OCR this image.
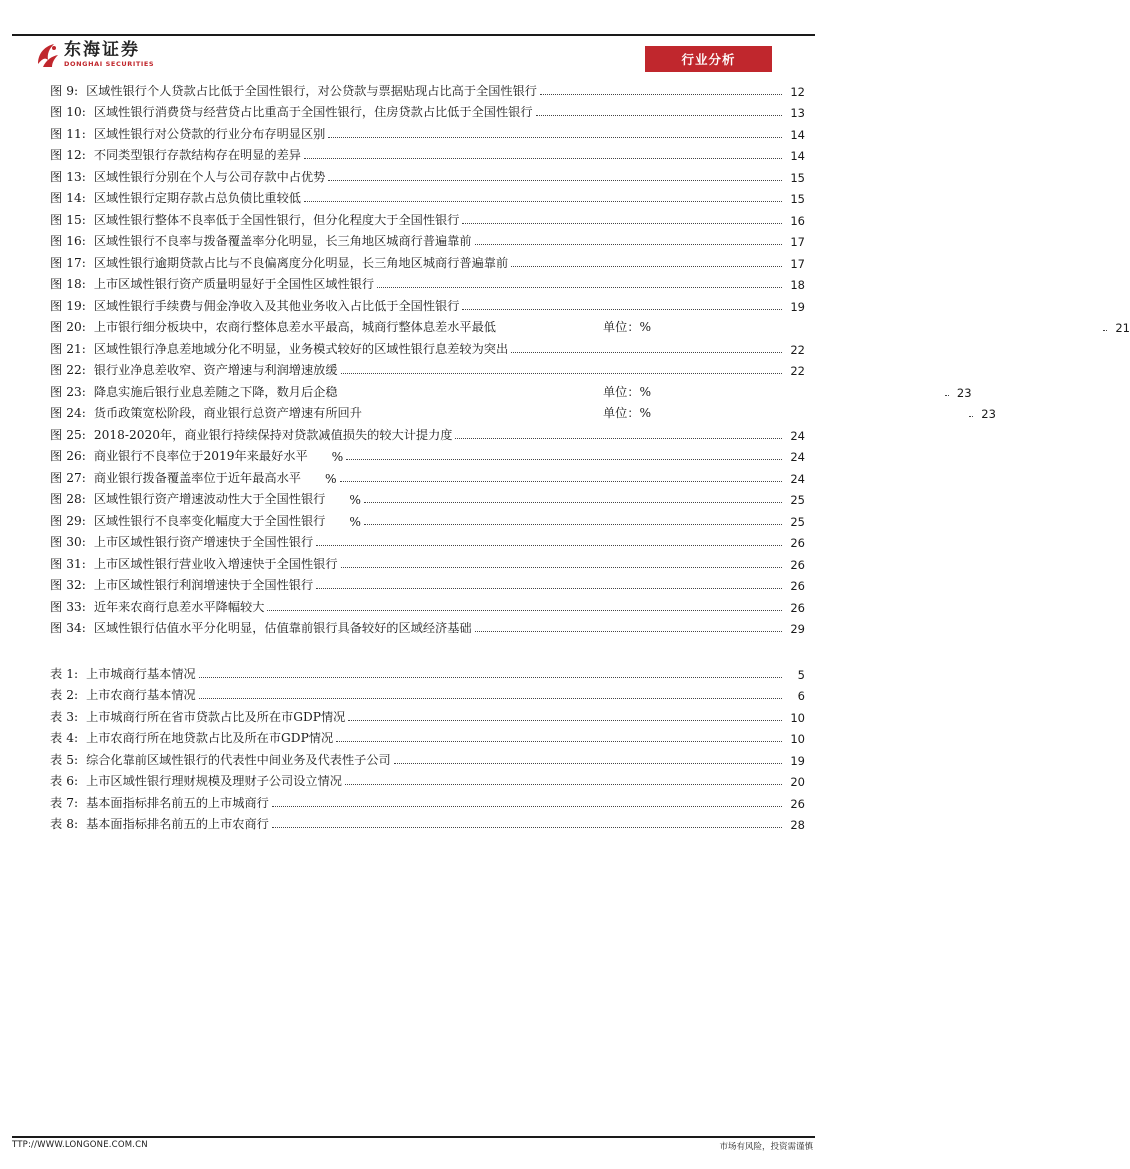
东海证券
DONGHAI SECURITIES	行业分析
图 9: 区域性银行个人贷款占比低于全国性银行，对公贷款与票据贴现占比高于全国性银行	12
图 10: 区域性银行消费贷与经营贷占比重高于全国性银行，住房贷款占比低于全国性银行	13
图 11: 区域性银行对公贷款的行业分布存明显区别	14
图 12: 不同类型银行存款结构存在明显的差异	14
图 13: 区域性银行分别在个人与公司存款中占优势	15
图 14: 区域性银行定期存款占总负债比重较低	15
图 15: 区域性银行整体不良率低于全国性银行，但分化程度大于全国性银行	16
图 16: 区域性银行不良率与拨备覆盖率分化明显，长三角地区城商行普遍靠前	17
图 17: 区域性银行逾期贷款占比与不良偏离度分化明显，长三角地区城商行普遍靠前	17
图 18: 上市区域性银行资产质量明显好于全国性区域性银行	18
图 19: 区域性银行手续费与佣金净收入及其他业务收入占比低于全国性银行	19
图 20: 上市银行细分板块中，农商行整体息差水平最高，城商行整体息差水平最低	单位：%	21
图 21: 区域性银行净息差地域分化不明显，业务模式较好的区域性银行息差较为突出	22
图 22: 银行业净息差收窄、资产增速与利润增速放缓	22
图 23: 降息实施后银行业息差随之下降，数月后企稳	单位：%	23
图 24: 货币政策宽松阶段，商业银行总资产增速有所回升	单位：%	23
图 25: 2018-2020年，商业银行持续保持对贷款减值损失的较大计提力度	24
图 26: 商业银行不良率位于2019年来最好水平 %	24
图 27: 商业银行拨备覆盖率位于近年最高水平 %	24
图 28: 区域性银行资产增速波动性大于全国性银行 %	25
图 29: 区域性银行不良率变化幅度大于全国性银行 %	25
图 30: 上市区域性银行资产增速快于全国性银行	26
图 31: 上市区域性银行营业收入增速快于全国性银行	26
图 32: 上市区域性银行利润增速快于全国性银行	26
图 33: 近年来农商行息差水平降幅较大	26
图 34: 区域性银行估值水平分化明显，估值靠前银行具备较好的区域经济基础	29
表 1: 上市城商行基本情况	5
表 2: 上市农商行基本情况	6
表 3: 上市城商行所在省市贷款占比及所在市GDP情况	10
表 4: 上市农商行所在地贷款占比及所在市GDP情况	10
表 5: 综合化靠前区域性银行的代表性中间业务及代表性子公司	19
表 6: 上市区域性银行理财规模及理财子公司设立情况	20
表 7: 基本面指标排名前五的上市城商行	26
表 8: 基本面指标排名前五的上市农商行	28
TTP://WWW.LONGONE.COM.CN	市场有风险，投资需谨慎
